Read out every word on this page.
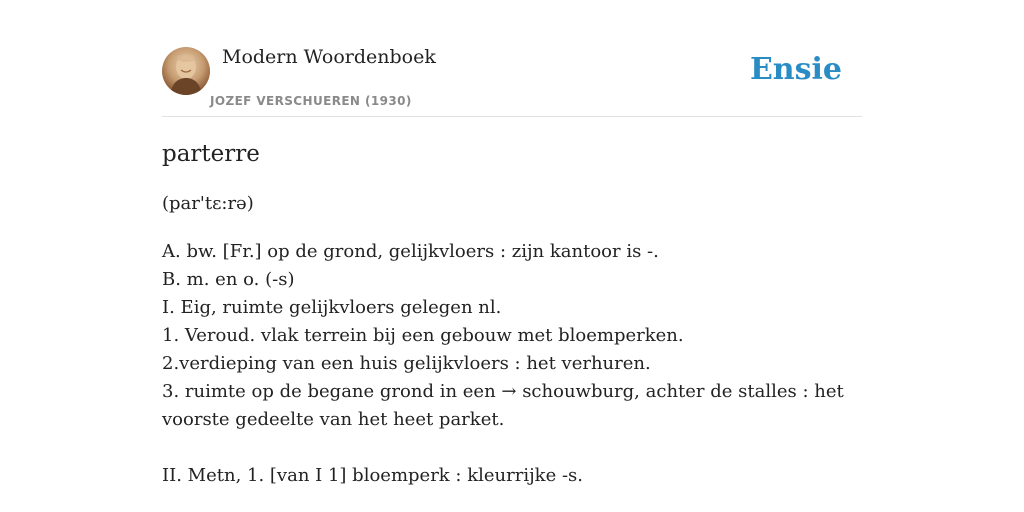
Modern Woordenboek
JOZEF VERSCHUEREN (1930)
Ensie
parterre
(par'tɛ:rə)
A. bw. [Fr.] op de grond, gelijkvloers : zijn kantoor is -.
B. m. en o. (-s)
I. Eig, ruimte gelijkvloers gelegen nl.
1. Veroud. vlak terrein bij een gebouw met bloemperken.
2.verdieping van een huis gelijkvloers : het verhuren.
3. ruimte op de begane grond in een → schouwburg, achter de stalles : het voorste gedeelte van het heet parket.
II. Metn, 1. [van I 1] bloemperk : kleurrijke -s.
